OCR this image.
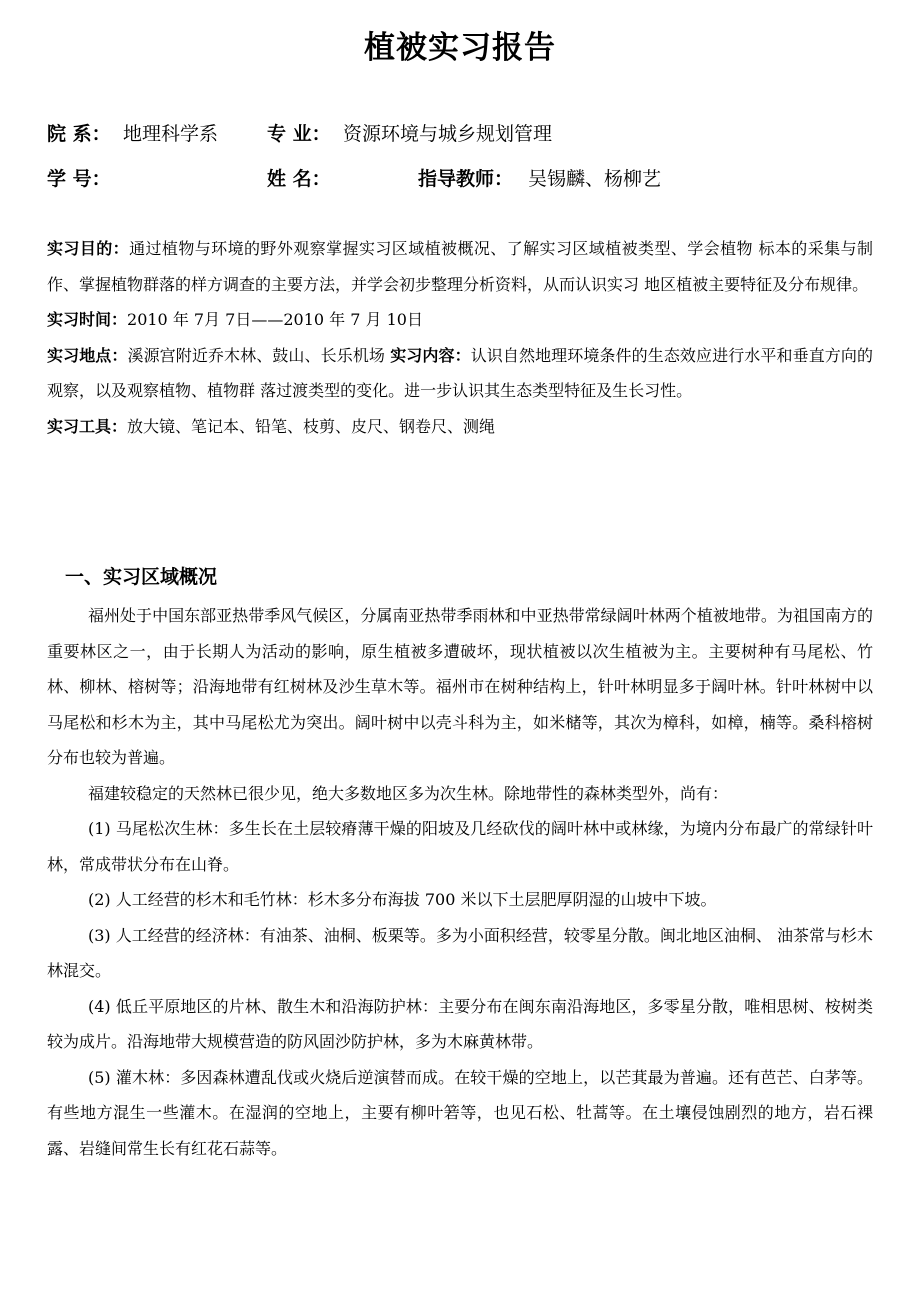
植被实习报告
院 系： 地理科学系	专 业： 资源环境与城乡规划管理
学 号：	姓 名：	指导教师： 吴锡麟、杨柳艺

实习目的：通过植物与环境的野外观察掌握实习区域植被概况、了解实习区域植被类型、学会植物 标本的采集与制作、掌握植物群落的样方调查的主要方法，并学会初步整理分析资料，从而认识实习 地区植被主要特征及分布规律。

实习时间：2010 年 7月 7日——2010 年 7 月 10日

实习地点：溪源宫附近乔木林、鼓山、长乐机场 实习内容：认识自然地理环境条件的生态效应进行水平和垂直方向的观察，以及观察植物、植物群 落过渡类型的变化。进一步认识其生态类型特征及生长习性。

实习工具：放大镜、笔记本、铅笔、枝剪、皮尺、钢卷尺、测绳

一、实习区域概况

福州处于中国东部亚热带季风气候区，分属南亚热带季雨林和中亚热带常绿阔叶林两个植被地带。为祖国南方的重要林区之一，由于长期人为活动的影响，原生植被多遭破坏，现状植被以次生植被为主。主要树种有马尾松、竹林、柳林、榕树等；沿海地带有红树林及沙生草木等。福州市在树种结构上，针叶林明显多于阔叶林。针叶林树中以马尾松和杉木为主，其中马尾松尤为突出。阔叶树中以壳斗科为主，如米槠等，其次为樟科，如樟，楠等。桑科榕树分布也较为普遍。

福建较稳定的天然林已很少见，绝大多数地区多为次生林。除地带性的森林类型外，尚有：

(1) 马尾松次生林：多生长在土层较瘠薄干燥的阳坡及几经砍伐的阔叶林中或林缘，为境内分布最广的常绿针叶林，常成带状分布在山脊。

(2) 人工经营的杉木和毛竹林：杉木多分布海拔 700 米以下土层肥厚阴湿的山坡中下坡。

(3) 人工经营的经济林：有油茶、油桐、板栗等。多为小面积经营，较零星分散。闽北地区油桐、 油茶常与杉木林混交。

(4) 低丘平原地区的片林、散生木和沿海防护林：主要分布在闽东南沿海地区，多零星分散，唯相思树、桉树类较为成片。沿海地带大规模营造的防风固沙防护林，多为木麻黄林带。

(5) 灌木林：多因森林遭乱伐或火烧后逆演替而成。在较干燥的空地上，以芒萁最为普遍。还有芭芒、白茅等。有些地方混生一些灌木。在湿润的空地上，主要有柳叶箬等，也见石松、牡蒿等。在土壤侵蚀剧烈的地方，岩石裸露、岩缝间常生长有红花石蒜等。
